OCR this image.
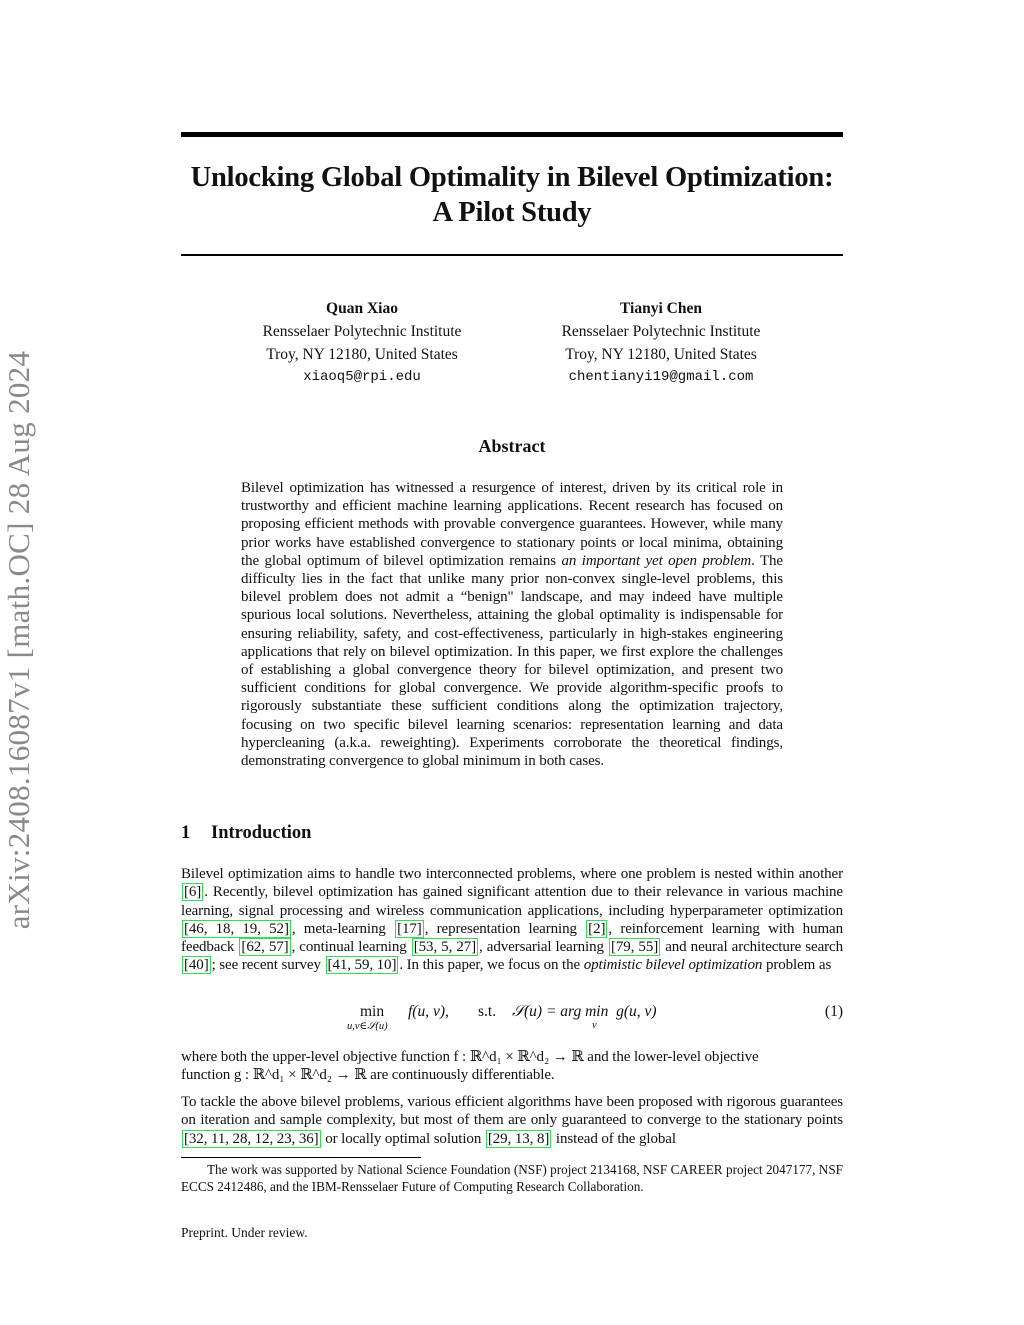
arXiv:2408.16087v1 [math.OC] 28 Aug 2024
Unlocking Global Optimality in Bilevel Optimization:
A Pilot Study
Quan Xiao
Rensselaer Polytechnic Institute
Troy, NY 12180, United States
xiaoq5@rpi.edu
Tianyi Chen
Rensselaer Polytechnic Institute
Troy, NY 12180, United States
chentianyi19@gmail.com
Abstract
Bilevel optimization has witnessed a resurgence of interest, driven by its critical role in trustworthy and efficient machine learning applications. Recent research has focused on proposing efficient methods with provable convergence guarantees. However, while many prior works have established convergence to stationary points or local minima, obtaining the global optimum of bilevel optimization remains an important yet open problem. The difficulty lies in the fact that unlike many prior non-convex single-level problems, this bilevel problem does not admit a “benign" landscape, and may indeed have multiple spurious local solutions. Nevertheless, attaining the global optimality is indispensable for ensuring reliability, safety, and cost-effectiveness, particularly in high-stakes engineering applications that rely on bilevel optimization. In this paper, we first explore the challenges of establishing a global convergence theory for bilevel optimization, and present two sufficient conditions for global convergence. We provide algorithm-specific proofs to rigorously substantiate these sufficient conditions along the optimization trajectory, focusing on two specific bilevel learning scenarios: representation learning and data hypercleaning (a.k.a. reweighting). Experiments corroborate the theoretical findings, demonstrating convergence to global minimum in both cases.
1 Introduction
Bilevel optimization aims to handle two interconnected problems, where one problem is nested within another [6] . Recently, bilevel optimization has gained significant attention due to their relevance in various machine learning, signal processing and wireless communication applications, including hyperparameter optimization [46, 18, 19, 52] , meta-learning [17] , representation learning [2] , reinforcement learning with human feedback [62, 57] , continual learning [53, 5, 27] , adversarial learning [79, 55] and neural architecture search [40] ; see recent survey [41, 59, 10] . In this paper, we focus on the optimistic bilevel optimization problem as
min
u,v∈𝒮(u)
f(u, v), s.t. 𝒮(u) = arg min  g(u, v)
v
(1)
where both the upper-level objective function f : ℝ^d₁ × ℝ^d₂ → ℝ and the lower-level objective
function g : ℝ^d₁ × ℝ^d₂ → ℝ are continuously differentiable.
To tackle the above bilevel problems, various efficient algorithms have been proposed with rigorous guarantees on iteration and sample complexity, but most of them are only guaranteed to converge to the stationary points [32, 11, 28, 12, 23, 36] or locally optimal solution [29, 13, 8] instead of the global
The work was supported by National Science Foundation (NSF) project 2134168, NSF CAREER project 2047177, NSF ECCS 2412486, and the IBM-Rensselaer Future of Computing Research Collaboration.
Preprint. Under review.
